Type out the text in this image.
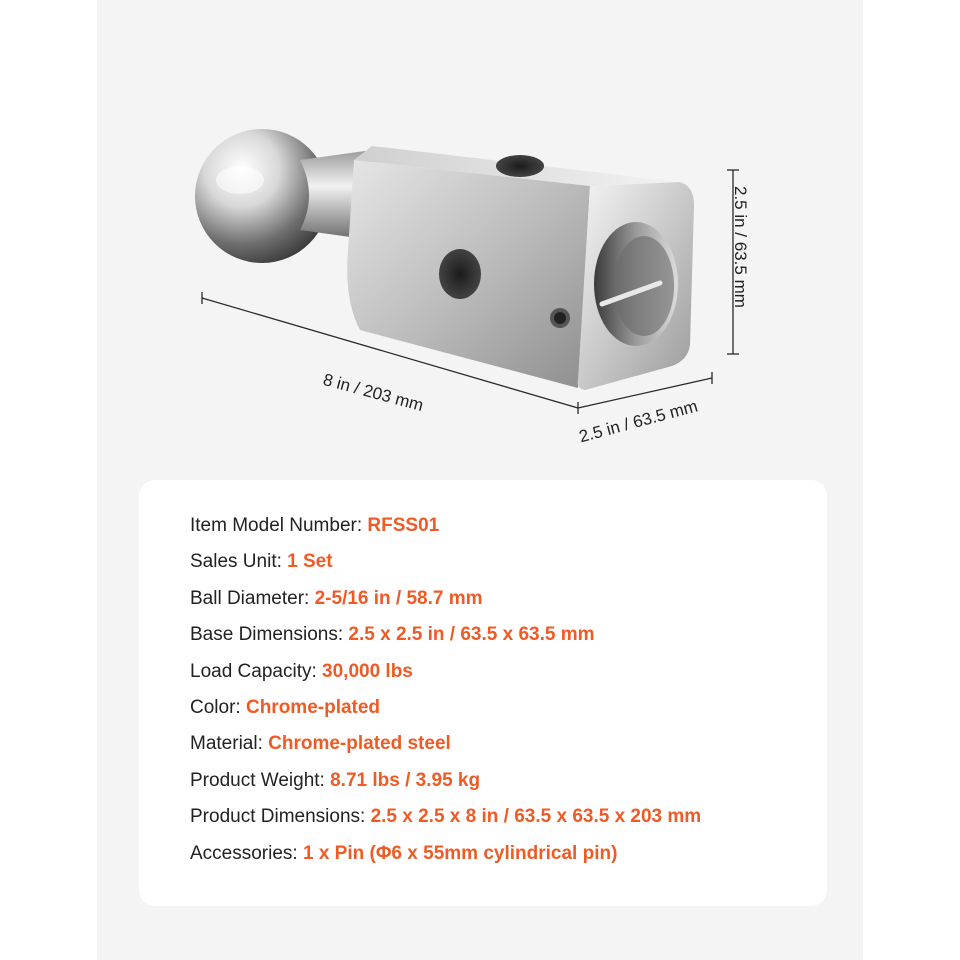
8 in / 203 mm
2.5 in / 63.5 mm
2.5 in / 63.5 mm
Item Model Number: RFSS01
Sales Unit: 1 Set
Ball Diameter: 2-5/16 in / 58.7 mm
Base Dimensions: 2.5 x 2.5 in / 63.5 x 63.5 mm
Load Capacity: 30,000 lbs
Color: Chrome-plated
Material: Chrome-plated steel
Product Weight: 8.71 lbs / 3.95 kg
Product Dimensions: 2.5 x 2.5 x 8 in / 63.5 x 63.5 x 203 mm
Accessories: 1 x Pin (Φ6 x 55mm cylindrical pin)
